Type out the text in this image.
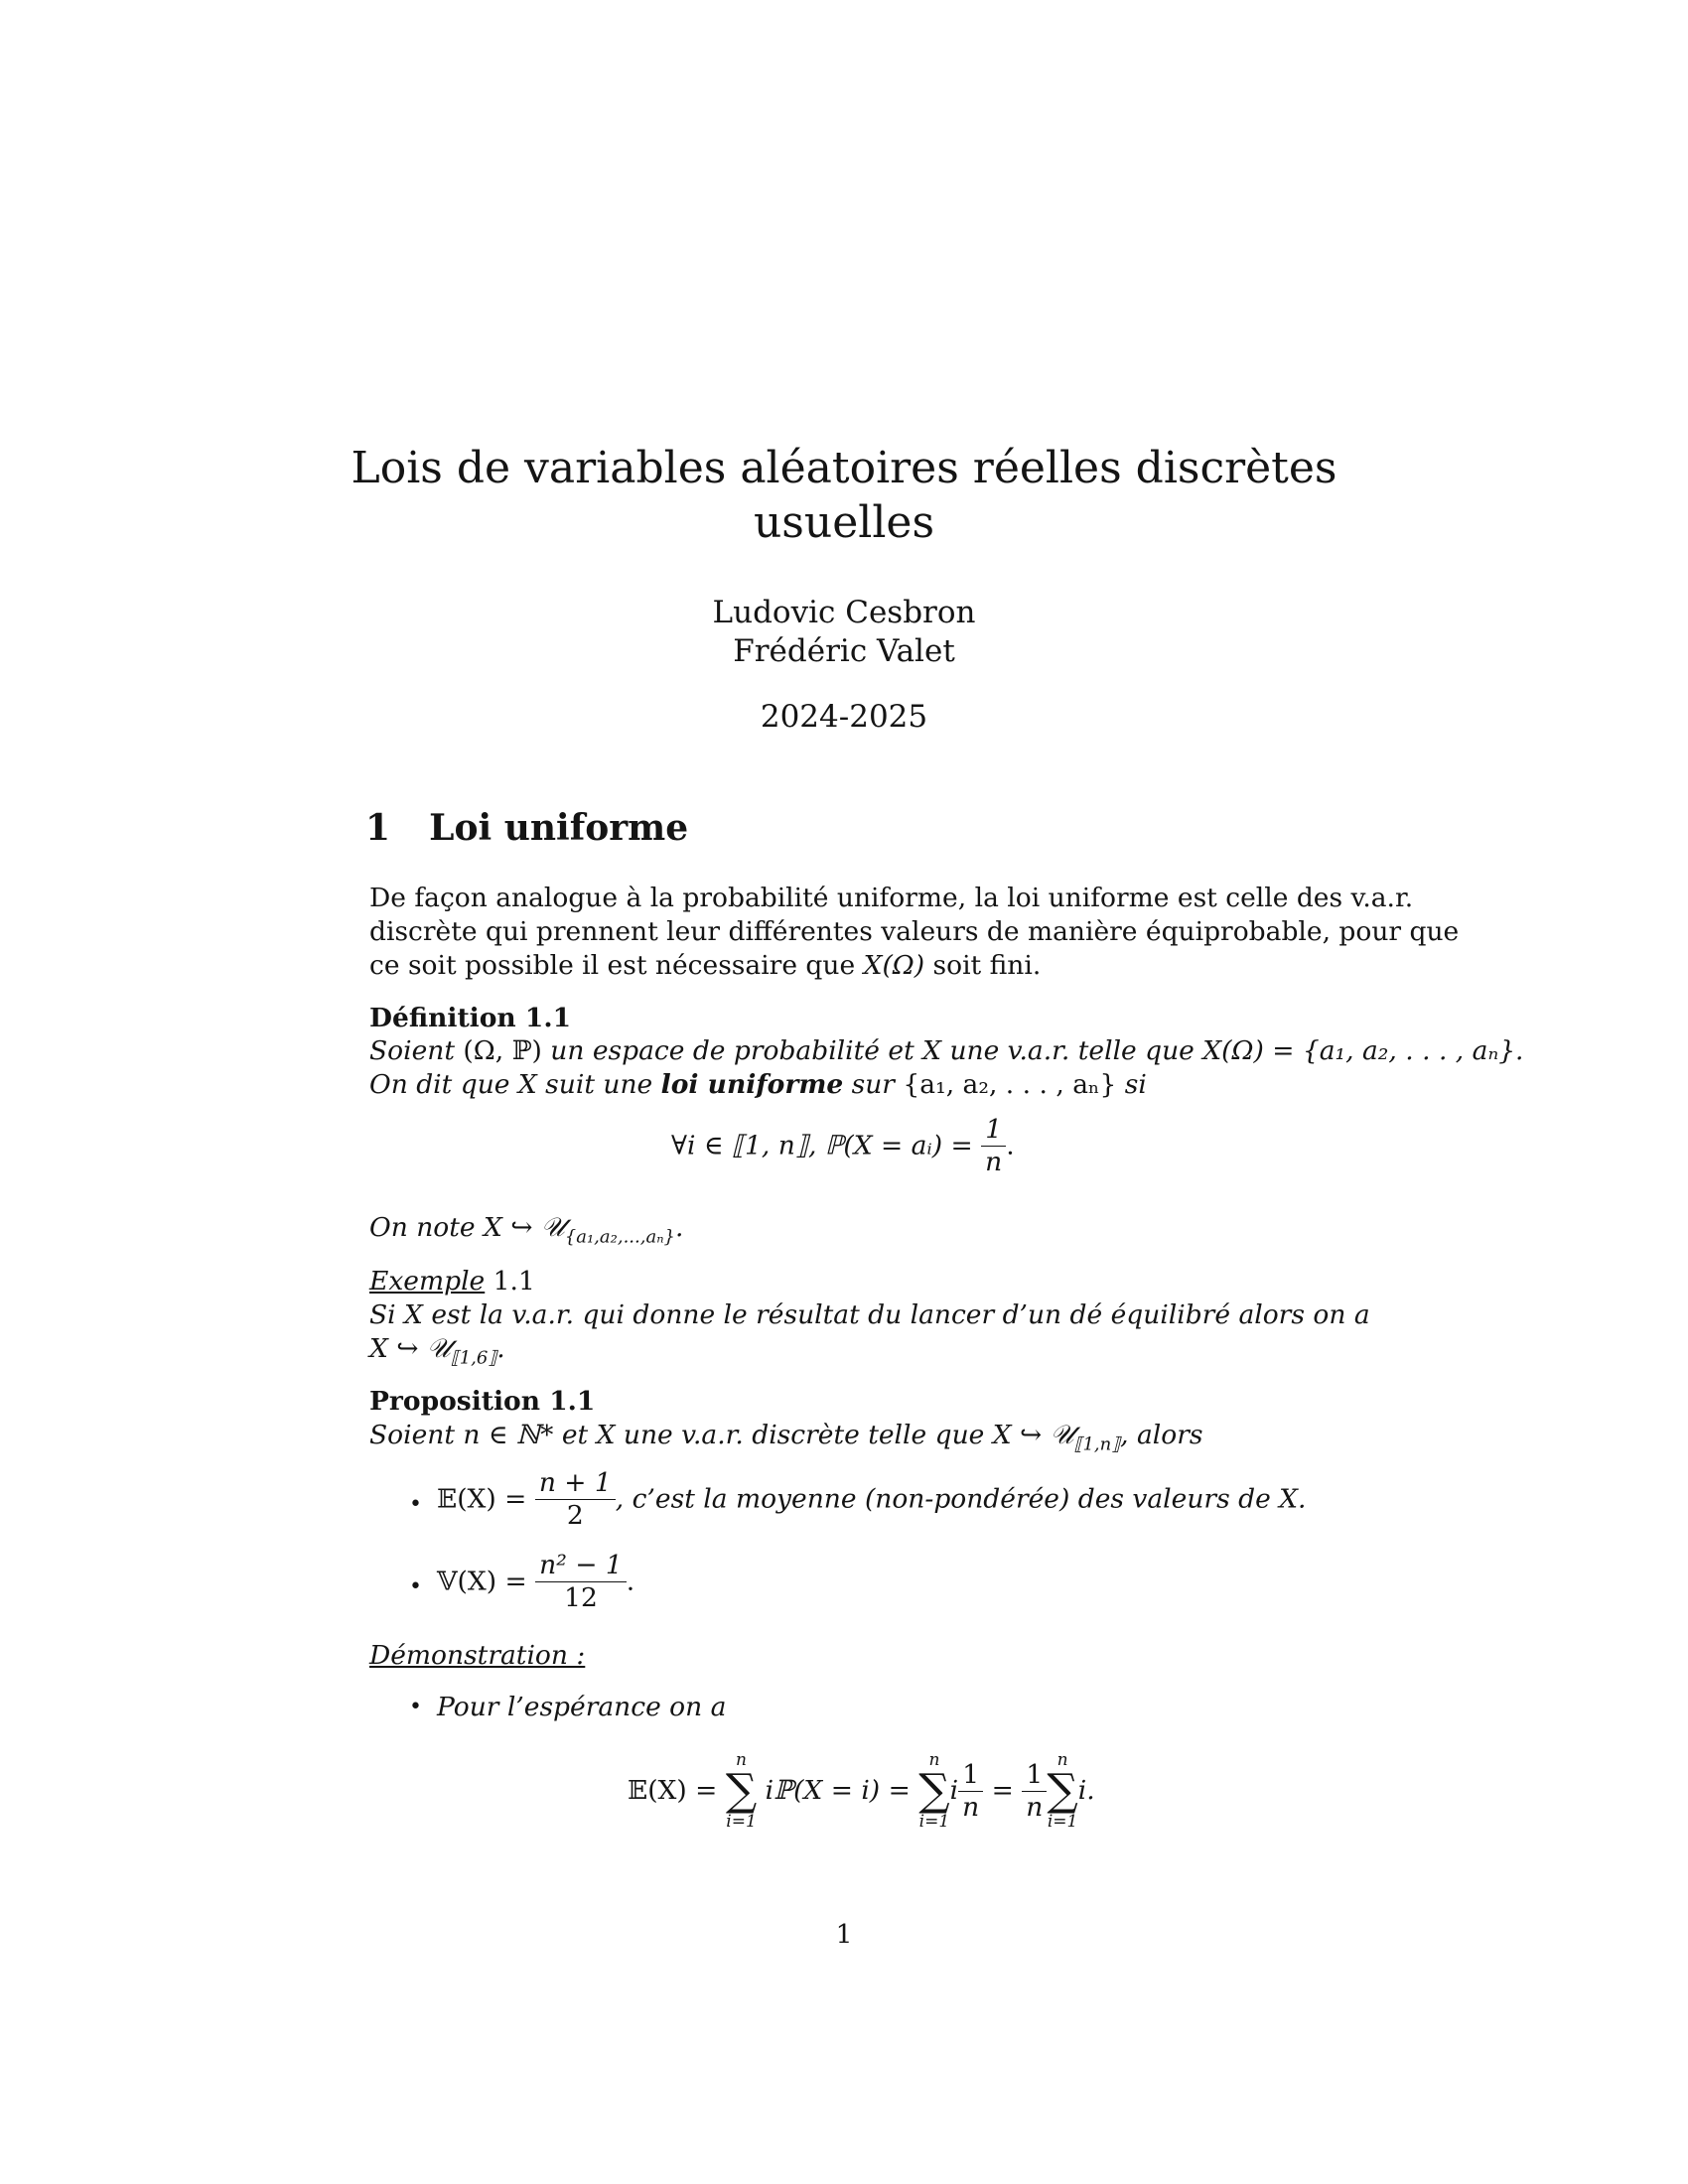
Lois de variables aléatoires réelles discrètes
usuelles
Ludovic Cesbron
Frédéric Valet
2024-2025
1 Loi uniforme
De façon analogue à la probabilité uniforme, la loi uniforme est celle des v.a.r.
discrète qui prennent leur différentes valeurs de manière équiprobable, pour que
ce soit possible il est nécessaire que X(Ω) soit fini.
Définition 1.1
Soient (Ω, ℙ) un espace de probabilité et X une v.a.r. telle que X(Ω) = {a₁, a₂, . . . , aₙ}.
On dit que X suit une loi uniforme sur {a₁, a₂, . . . , aₙ} si
∀i ∈ ⟦1, n⟧, ℙ(X = aᵢ) = $\frac{1}{n}$ .
On note X ↪ 𝒰$_{\{a_1,a_2,...,a_n\}}$.
Exemple 1.1
Si X est la v.a.r. qui donne le résultat du lancer d’un dé équilibré alors on a
X ↪ 𝒰$_{⟦1,6⟧}$.
Proposition 1.1
Soient n ∈ ℕ* et X une v.a.r. discrète telle que X ↪ 𝒰$_{⟦1,n⟧}$, alors
• 𝔼(X) = $\frac{n + 1}{2}$ , c’est la moyenne (non-pondérée) des valeurs de X.
• 𝕍(X) = $\frac{\text{n² − 1}}{12}$ .
Démonstration :
• Pour l’espérance on a
𝔼(X) =
n
∑
i=1
iℙ(X = i) =
n
∑
i=1
i $\frac{1}{n} = \frac{1}{n}$ n
∑
i=1
i.
1
